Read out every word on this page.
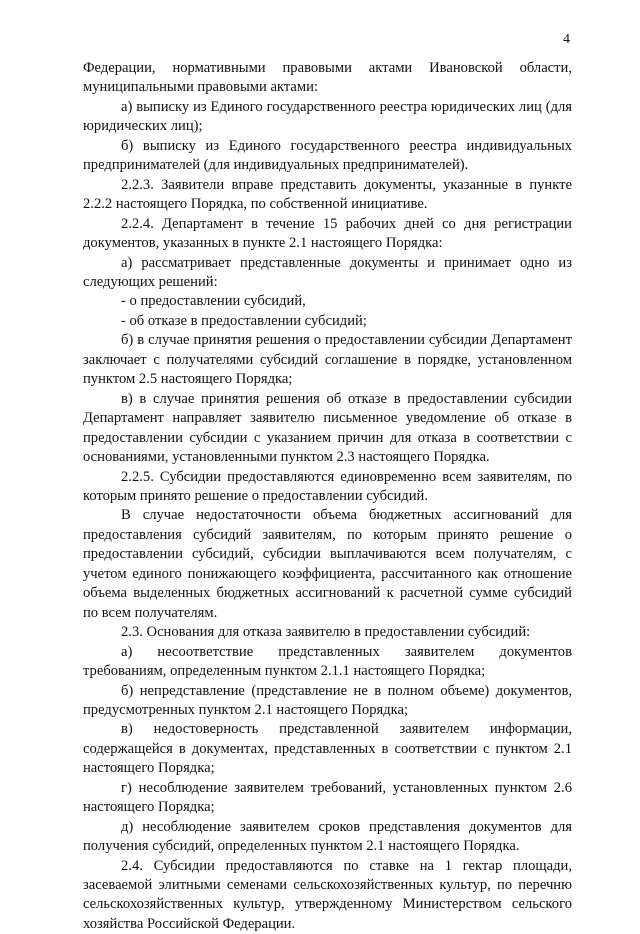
4

Федерации, нормативными правовыми актами Ивановской области, муниципальными правовыми актами:

а) выписку из Единого государственного реестра юридических лиц (для юридических лиц);

б) выписку из Единого государственного реестра индивидуальных предпринимателей (для индивидуальных предпринимателей).

2.2.3. Заявители вправе представить документы, указанные в пункте 2.2.2 настоящего Порядка, по собственной инициативе.

2.2.4. Департамент в течение 15 рабочих дней со дня регистрации документов, указанных в пункте 2.1 настоящего Порядка:

а) рассматривает представленные документы и принимает одно из следующих решений:

- о предоставлении субсидий,

- об отказе в предоставлении субсидий;

б) в случае принятия решения о предоставлении субсидии Департамент заключает с получателями субсидий соглашение в порядке, установленном пунктом 2.5 настоящего Порядка;

в) в случае принятия решения об отказе в предоставлении субсидии Департамент направляет заявителю письменное уведомление об отказе в предоставлении субсидии с указанием причин для отказа в соответствии с основаниями, установленными пунктом 2.3 настоящего Порядка.

2.2.5. Субсидии предоставляются единовременно всем заявителям, по которым принято решение о предоставлении субсидий.

В случае недостаточности объема бюджетных ассигнований для предоставления субсидий заявителям, по которым принято решение о предоставлении субсидий, субсидии выплачиваются всем получателям, с учетом единого понижающего коэффициента, рассчитанного как отношение объема выделенных бюджетных ассигнований к расчетной сумме субсидий по всем получателям.

2.3. Основания для отказа заявителю в предоставлении субсидий:

а) несоответствие представленных заявителем документов требованиям, определенным пунктом 2.1.1 настоящего Порядка;

б) непредставление (представление не в полном объеме) документов, предусмотренных пунктом 2.1 настоящего Порядка;

в) недостоверность представленной заявителем информации, содержащейся в документах, представленных в соответствии с пунктом 2.1 настоящего Порядка;

г) несоблюдение заявителем требований, установленных пунктом 2.6 настоящего Порядка;

д) несоблюдение заявителем сроков представления документов для получения субсидий, определенных пунктом 2.1 настоящего Порядка.

2.4. Субсидии предоставляются по ставке на 1 гектар площади, засеваемой элитными семенами сельскохозяйственных культур, по перечню сельскохозяйственных культур, утвержденному Министерством сельского хозяйства Российской Федерации.
